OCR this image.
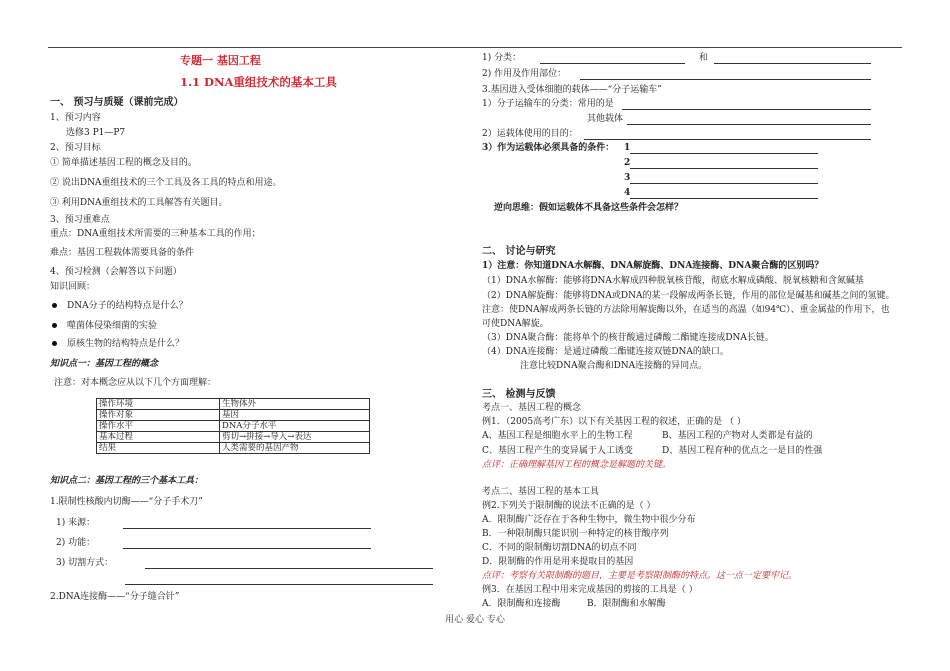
专题一 基因工程
1.1 DNA重组技术的基本工具
一、 预习与质疑（课前完成）
1、预习内容
选修3 P1—P7
2、预习目标
① 简单描述基因工程的概念及目的。
② 说出DNA重组技术的三个工具及各工具的特点和用途。
③ 利用DNA重组技术的工具解答有关题目。
3、预习重难点
重点：DNA重组技术所需要的三种基本工具的作用；
难点：基因工程载体需要具备的条件
4、预习检测（会解答以下问题）
知识回顾：
DNA分子的结构特点是什么？
噬菌体侵染细菌的实验
原核生物的结构特点是什么？
知识点一：基因工程的概念
注意：对本概念应从以下几个方面理解：
操作环境	生物体外
操作对象	基因
操作水平	DNA分子水平
基本过程	剪切→拼接→导入→表达
结果	人类需要的基因产物
知识点二：基因工程的三个基本工具：
1.限制性核酸内切酶——“分子手术刀”
1) 来源：
2) 功能：
3) 切割方式：
2.DNA连接酶——“分子缝合针”
1) 分类：	和
2) 作用及作用部位：
3.基因进入受体细胞的载体——“分子运输车”
1）分子运输车的分类：常用的是
其他载体
2）运载体使用的目的：
3）作为运载体必须具备的条件： 1
2
3
4
逆向思维：假如运载体不具备这些条件会怎样？
二、 讨论与研究
1）注意：你知道DNA水解酶、DNA解旋酶、DNA连接酶、DNA聚合酶的区别吗？
（1）DNA水解酶：能够将DNA水解成四种脱氧核苷酸，彻底水解成磷酸、脱氧核糖和含氮碱基
（2）DNA解旋酶：能够将DNA或DNA的某一段解成两条长链，作用的部位是碱基和碱基之间的氢键。
注意：使DNA解成两条长链的方法除用解旋酶以外，在适当的高温（如94℃）、重金属盐的作用下，也
可使DNA解旋。
（3）DNA聚合酶：能将单个的核苷酸通过磷酸二酯键连接成DNA长链。
（4）DNA连接酶：是通过磷酸二酯键连接双链DNA的缺口。
注意比较DNA聚合酶和DNA连接酶的异同点。
三、 检测与反馈
考点一、基因工程的概念
例1．（2005高考广东）以下有关基因工程的叙述，正确的是 （ ）
A、基因工程是细胞水平上的生物工程	B、基因工程的产物对人类都是有益的
C、基因工程产生的变异属于人工诱变	D、基因工程育种的优点之一是目的性强
点评：正确理解基因工程的概念是解题的关键。
考点二、基因工程的基本工具
例2.下列关于限制酶的说法不正确的是（ ）
A．限制酶广泛存在于各种生物中，微生物中很少分布
B．一种限制酶只能识别一种特定的核苷酸序列
C．不同的限制酶切割DNA的切点不同
D．限制酶的作用是用来提取目的基因
点评：考察有关限制酶的题目，主要是考察限制酶的特点。这一点一定要牢记。
例3．在基因工程中用来完成基因的剪接的工具是（ ）
A．限制酶和连接酶	B．限制酶和水解酶
用心 爱心 专心
